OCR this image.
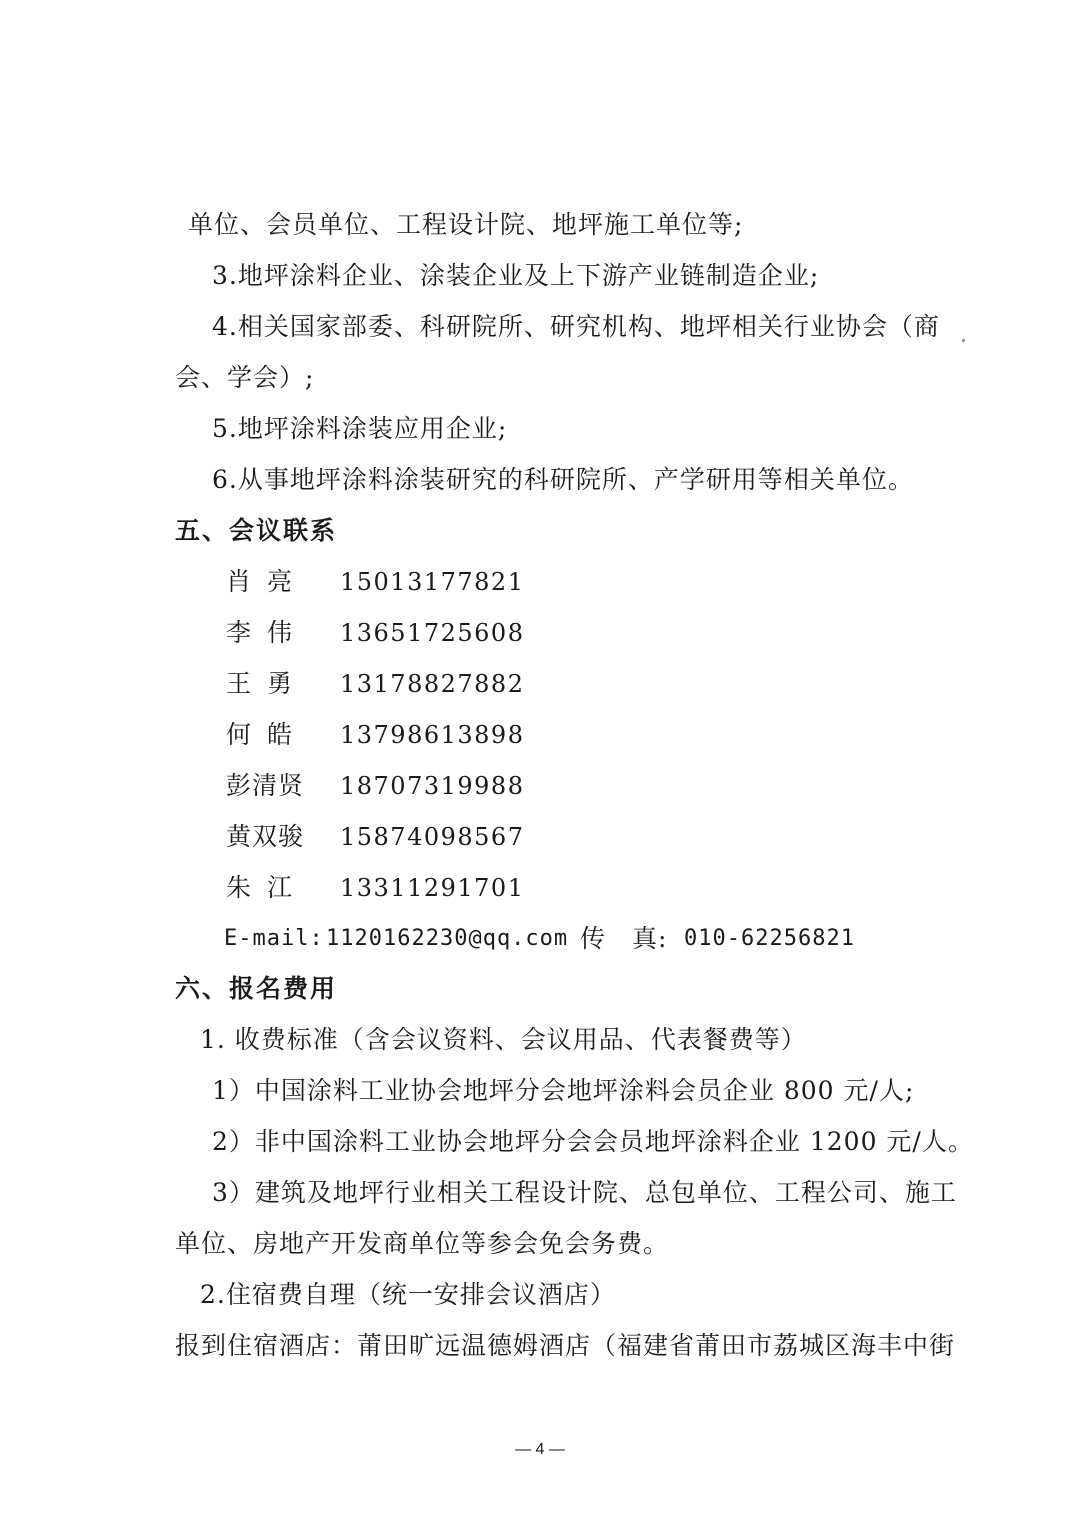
单位、会员单位、工程设计院、地坪施工单位等;
3.地坪涂料企业、涂装企业及上下游产业链制造企业;
4.相关国家部委、科研院所、研究机构、地坪相关行业协会（商
会、学会）;
5.地坪涂料涂装应用企业;
6.从事地坪涂料涂装研究的科研院所、产学研用等相关单位。
五、会议联系
肖亮 15013177821
李伟 13651725608
王勇 13178827882
何皓 13798613898
彭清贤 18707319988
黄双骏 15874098567
朱江 13311291701
E-mail: 1120162230@qq.com 传　真: 010-62256821
六、报名费用
1. 收费标准（含会议资料、会议用品、代表餐费等）
1）中国涂料工业协会地坪分会地坪涂料会员企业 800 元/人;
2）非中国涂料工业协会地坪分会会员地坪涂料企业 1200 元/人。
3）建筑及地坪行业相关工程设计院、总包单位、工程公司、施工
单位、房地产开发商单位等参会免会务费。
2.住宿费自理（统一安排会议酒店）
报到住宿酒店：莆田旷远温德姆酒店（福建省莆田市荔城区海丰中街
— 4 —
